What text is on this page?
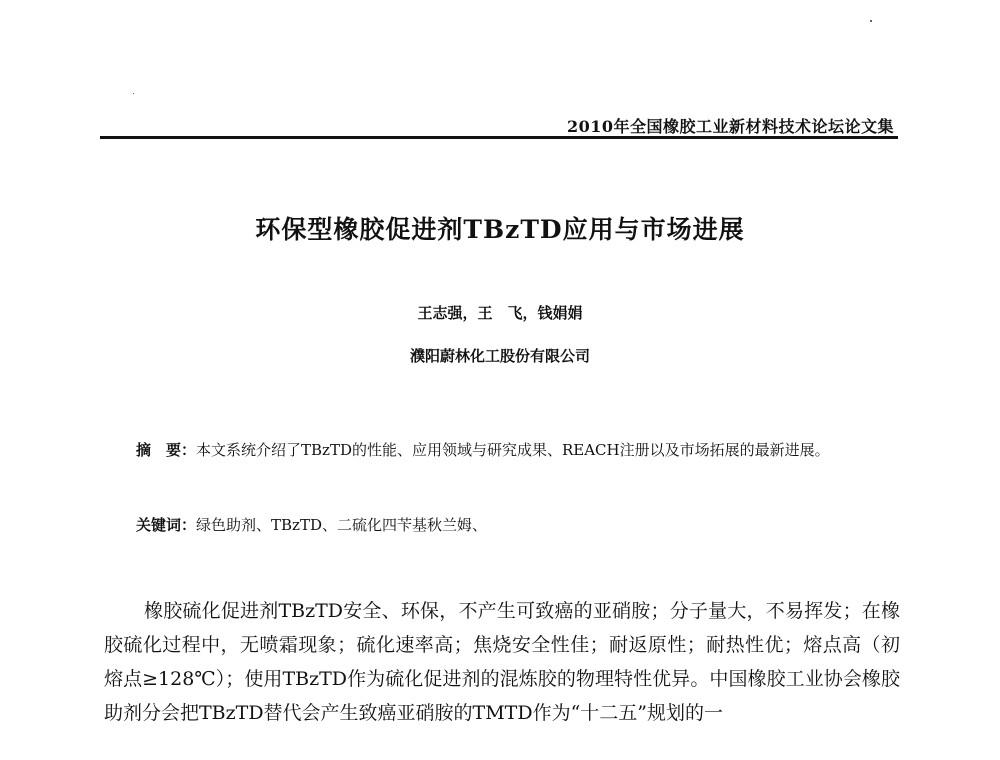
2010年全国橡胶工业新材料技术论坛论文集
环保型橡胶促进剂TBzTD应用与市场进展
王志强，王　飞，钱娟娟
濮阳蔚林化工股份有限公司
摘　要：本文系统介绍了TBzTD的性能、应用领域与研究成果、REACH注册以及市场拓展的最新进展。
关键词：绿色助剂、TBzTD、二硫化四苄基秋兰姆、
橡胶硫化促进剂TBzTD安全、环保，不产生可致癌的亚硝胺；分子量大，不易挥发；在橡胶硫化过程中，无喷霜现象；硫化速率高；焦烧安全性佳；耐返原性；耐热性优；熔点高（初熔点≥128℃）；使用TBzTD作为硫化促进剂的混炼胶的物理特性优异。中国橡胶工业协会橡胶助剂分会把TBzTD替代会产生致癌亚硝胺的TMTD作为“十二五”规划的一
